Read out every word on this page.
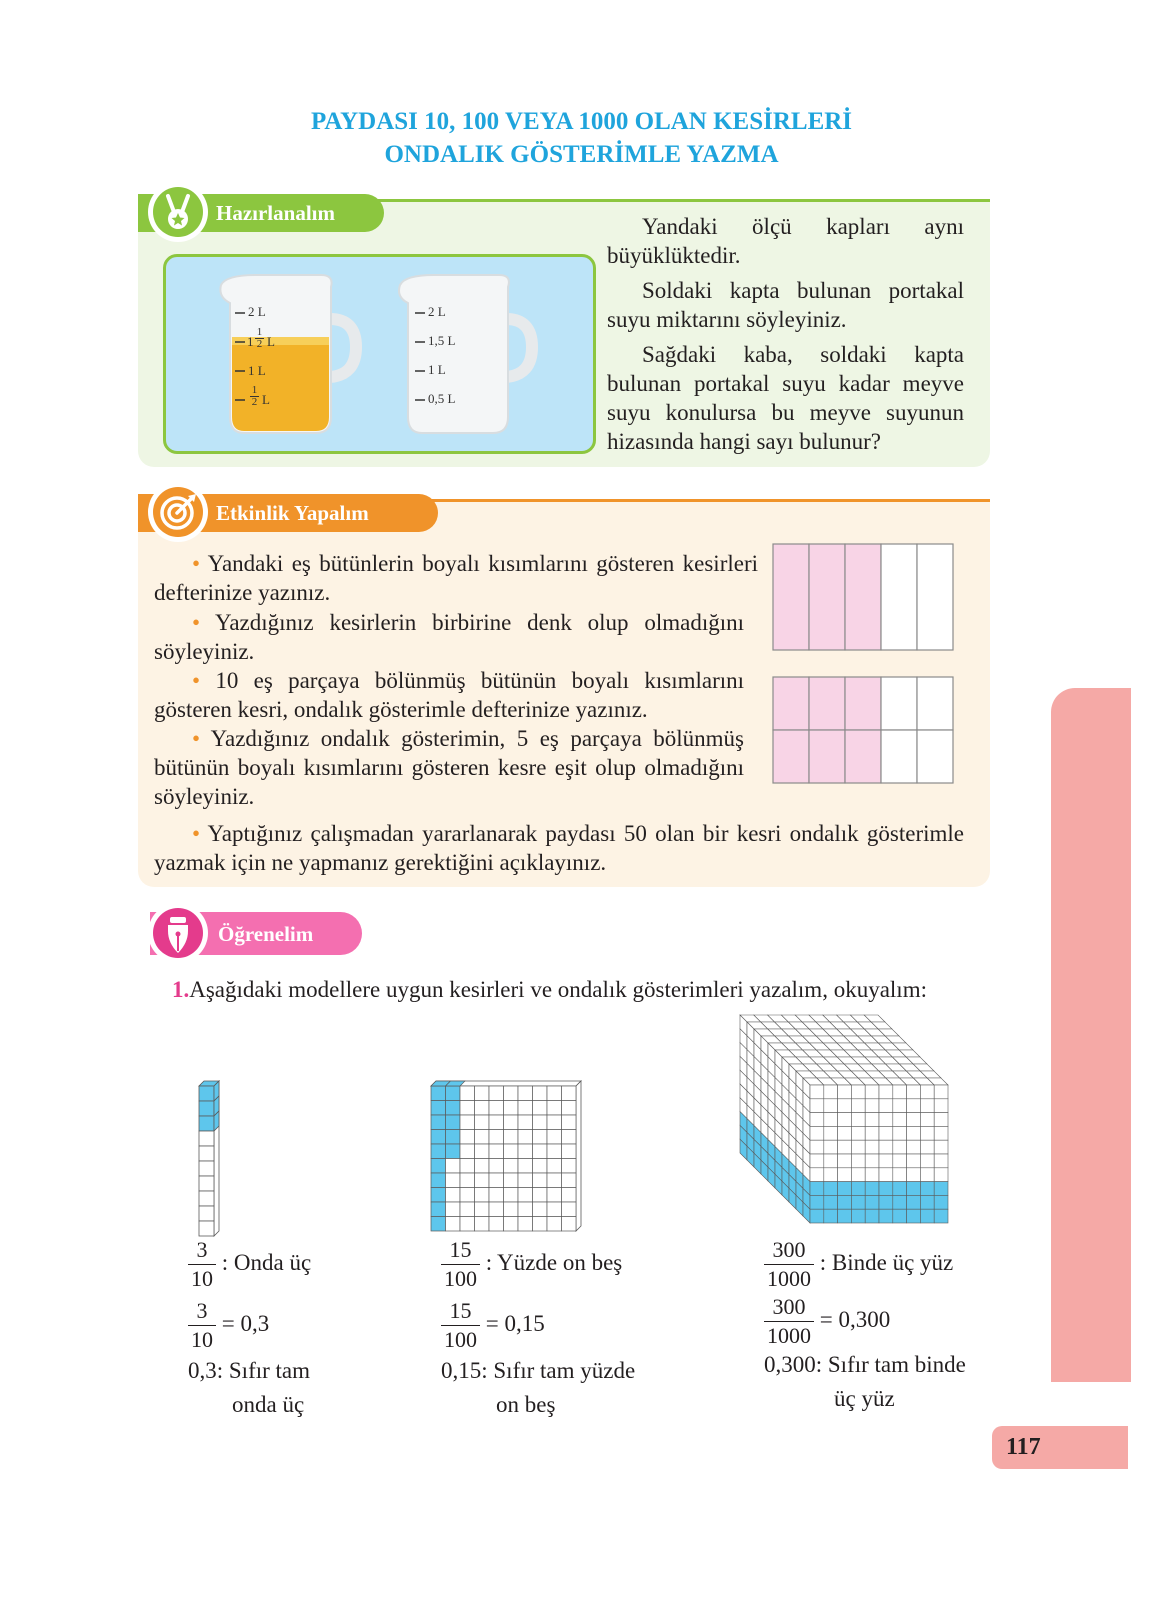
PAYDASI 10, 100 VEYA 1000 OLAN KESİRLERİ
ONDALIK GÖSTERİMLE YAZMA
Hazırlanalım
2 L
$1 \frac{1}{2}$ L
1 L
$\frac{1}{2}$ L
2 L
1,5 L
1 L
0,5 L

Yandaki ölçü kapları aynı büyüklüktedir.

Soldaki kapta bulunan portakal suyu miktarını söyleyiniz.

Sağdaki kaba, soldaki kapta bulunan portakal suyu kadar meyve suyu konulursa bu meyve suyunun hizasında hangi sayı bulunur?

Etkinlik Yapalım

• Yandaki eş bütünlerin boyalı kısımlarını gösteren kesirleri defterinize yazınız.

• Yazdığınız kesirlerin birbirine denk olup olmadığını söyleyiniz.

• 10 eş parçaya bölünmüş bütünün boyalı kısımlarını gösteren kesri, ondalık gösterimle defterinize yazınız.

• Yazdığınız ondalık gösterimin, 5 eş parçaya bölünmüş bütünün boyalı kısımlarını gösteren kesre eşit olup olmadığını söyleyiniz.

• Yaptığınız çalışmadan yararlanarak paydası 50 olan bir kesri ondalık gösterimle yazmak için ne yapmanız gerektiğini açıklayınız.

Öğrenelim
1.Aşağıdaki modellere uygun kesirleri ve ondalık gösterimleri yazalım, okuyalım:
$\frac{3}{10}$ : Onda üç
$\frac{3}{10} = 0,3$
0,3: Sıfır tam
onda üç
$\frac{15}{100}$ : Yüzde on beş
$\frac{15}{100} = 0,15$
0,15: Sıfır tam yüzde
on beş
$\frac{300}{1000}$ : Binde üç yüz
$\frac{300}{1000} = 0,300$
0,300: Sıfır tam binde
üç yüz
117
